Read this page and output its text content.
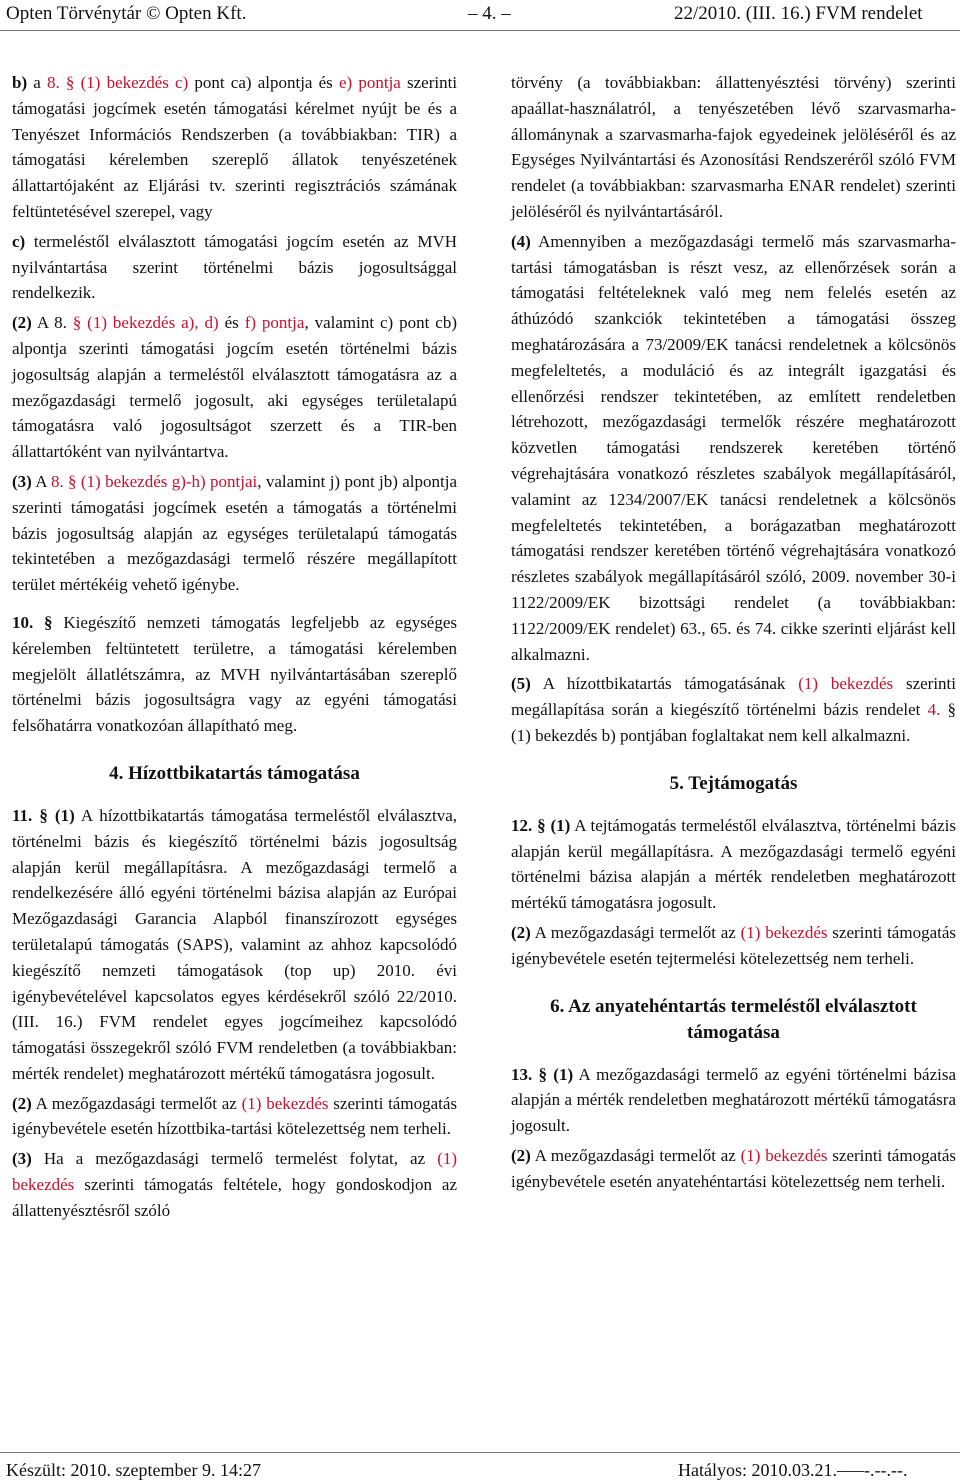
Opten Törvénytár © Opten Kft.	– 4. –	22/2010. (III. 16.) FVM rendelet

b) a 8. § (1) bekezdés c) pont ca) alpontja és e) pontja szerinti támogatási jogcímek esetén támogatási kérelmet nyújt be és a Tenyészet Információs Rendszerben (a továbbiakban: TIR) a támogatási kérelemben szereplő állatok tenyészetének állattartójaként az Eljárási tv. szerinti regisztrációs számának feltüntetésével szerepel, vagy

c) termeléstől elválasztott támogatási jogcím esetén az MVH nyilvántartása szerint történelmi bázis jogosultsággal rendelkezik.

(2) A 8. § (1) bekezdés a), d) és f) pontja, valamint c) pont cb) alpontja szerinti támogatási jogcím esetén történelmi bázis jogosultság alapján a termeléstől elválasztott támogatásra az a mezőgazdasági termelő jogosult, aki egységes területalapú támogatásra való jogosultságot szerzett és a TIR-ben állattartóként van nyilvántartva.

(3) A 8. § (1) bekezdés g)-h) pontjai, valamint j) pont jb) alpontja szerinti támogatási jogcímek esetén a támogatás a történelmi bázis jogosultság alapján az egységes területalapú támogatás tekintetében a mezőgazdasági termelő részére megállapított terület mértékéig vehető igénybe.

10. § Kiegészítő nemzeti támogatás legfeljebb az egységes kérelemben feltüntetett területre, a támogatási kérelemben megjelölt állatlétszámra, az MVH nyilvántartásában szereplő történelmi bázis jogosultságra vagy az egyéni támogatási felsőhatárra vonatkozóan állapítható meg.

4. Hízottbikatartás támogatása

11. § (1) A hízottbikatartás támogatása termeléstől elválasztva, történelmi bázis és kiegészítő történelmi bázis jogosultság alapján kerül megállapításra. A mezőgazdasági termelő a rendelkezésére álló egyéni történelmi bázisa alapján az Európai Mezőgazdasági Garancia Alapból finanszírozott egységes területalapú támogatás (SAPS), valamint az ahhoz kapcsolódó kiegészítő nemzeti támogatások (top up) 2010. évi igénybevételével kapcsolatos egyes kérdésekről szóló 22/2010. (III. 16.) FVM rendelet egyes jogcímeihez kapcsolódó támogatási összegekről szóló FVM rendeletben (a továbbiakban: mérték rendelet) meghatározott mértékű támogatásra jogosult.

(2) A mezőgazdasági termelőt az (1) bekezdés szerinti támogatás igénybevétele esetén hízottbika-tartási kötelezettség nem terheli.

(3) Ha a mezőgazdasági termelő termelést folytat, az (1) bekezdés szerinti támogatás feltétele, hogy gondoskodjon az állattenyésztésről szóló

törvény (a továbbiakban: állattenyésztési törvény) szerinti apaállat-használatról, a tenyészetében lévő szarvasmarha-állománynak a szarvasmarha-fajok egyedeinek jelöléséről és az Egységes Nyilvántartási és Azonosítási Rendszeréről szóló FVM rendelet (a továbbiakban: szarvasmarha ENAR rendelet) szerinti jelöléséről és nyilvántartásáról.

(4) Amennyiben a mezőgazdasági termelő más szarvasmarha-tartási támogatásban is részt vesz, az ellenőrzések során a támogatási feltételeknek való meg nem felelés esetén az áthúzódó szankciók tekintetében a támogatási összeg meghatározására a 73/2009/EK tanácsi rendeletnek a kölcsönös megfeleltetés, a moduláció és az integrált igazgatási és ellenőrzési rendszer tekintetében, az említett rendeletben létrehozott, mezőgazdasági termelők részére meghatározott közvetlen támogatási rendszerek keretében történő végrehajtására vonatkozó részletes szabályok megállapításáról, valamint az 1234/2007/EK tanácsi rendeletnek a kölcsönös megfeleltetés tekintetében, a borágazatban meghatározott támogatási rendszer keretében történő végrehajtására vonatkozó részletes szabályok megállapításáról szóló, 2009. november 30-i 1122/2009/EK bizottsági rendelet (a továbbiakban: 1122/2009/EK rendelet) 63., 65. és 74. cikke szerinti eljárást kell alkalmazni.

(5) A hízottbikatartás támogatásának (1) bekezdés szerinti megállapítása során a kiegészítő történelmi bázis rendelet 4. § (1) bekezdés b) pontjában foglaltakat nem kell alkalmazni.

5. Tejtámogatás

12. § (1) A tejtámogatás termeléstől elválasztva, történelmi bázis alapján kerül megállapításra. A mezőgazdasági termelő egyéni történelmi bázisa alapján a mérték rendeletben meghatározott mértékű támogatásra jogosult.

(2) A mezőgazdasági termelőt az (1) bekezdés szerinti támogatás igénybevétele esetén tejtermelési kötelezettség nem terheli.

6. Az anyatehéntartás termeléstől elválasztott támogatása

13. § (1) A mezőgazdasági termelő az egyéni történelmi bázisa alapján a mérték rendeletben meghatározott mértékű támogatásra jogosult.

(2) A mezőgazdasági termelőt az (1) bekezdés szerinti támogatás igénybevétele esetén anyatehéntartási kötelezettség nem terheli.

Készült: 2010. szeptember 9. 14:27	Hatályos: 2010.03.21.–—-.--.--.
